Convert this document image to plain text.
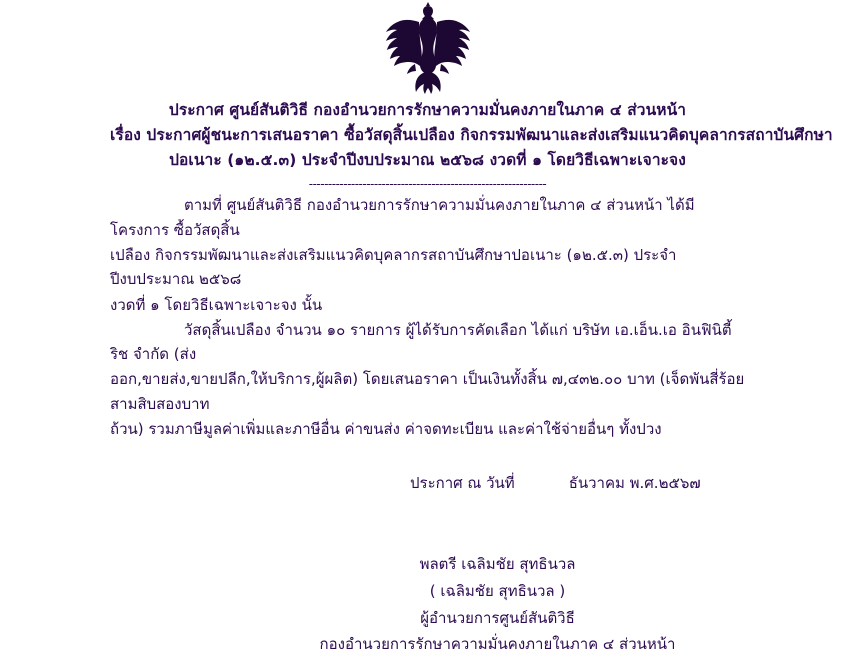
ประกาศ ศูนย์สันติวิธี กองอำนวยการรักษาความมั่นคงภายในภาค ๔ ส่วนหน้า
เรื่อง ประกาศผู้ชนะการเสนอราคา ซื้อวัสดุสิ้นเปลือง กิจกรรมพัฒนาและส่งเสริมแนวคิดบุคลากรสถาบันศึกษา
ปอเนาะ (๑๒.๕.๓) ประจำปีงบประมาณ ๒๕๖๘ งวดที่ ๑ โดยวิธีเฉพาะเจาะจง
--------------------------------------------------------------

ตามที่ ศูนย์สันติวิธี กองอำนวยการรักษาความมั่นคงภายในภาค ๔ ส่วนหน้า ได้มีโครงการ ซื้อวัสดุสิ้น

เปลือง กิจกรรมพัฒนาและส่งเสริมแนวคิดบุคลากรสถาบันศึกษาปอเนาะ (๑๒.๕.๓) ประจำปีงบประมาณ ๒๕๖๘

งวดที่ ๑ โดยวิธีเฉพาะเจาะจง นั้น

วัสดุสิ้นเปลือง จำนวน ๑๐ รายการ ผู้ได้รับการคัดเลือก ได้แก่ บริษัท เอ.เอ็น.เอ อินฟินิตี้ ริช จำกัด (ส่ง

ออก,ขายส่ง,ขายปลีก,ให้บริการ,ผู้ผลิต) โดยเสนอราคา เป็นเงินทั้งสิ้น ๗,๔๓๒.๐๐ บาท (เจ็ดพันสี่ร้อยสามสิบสองบาท

ถ้วน) รวมภาษีมูลค่าเพิ่มและภาษีอื่น ค่าขนส่ง ค่าจดทะเบียน และค่าใช้จ่ายอื่นๆ ทั้งปวง

ประกาศ ณ วันที่	ธันวาคม พ.ศ.๒๕๖๗
พลตรี เฉลิมชัย สุทธินวล
( เฉลิมชัย สุทธินวล )
ผู้อำนวยการศูนย์สันติวิธี
กองอำนวยการรักษาความมั่นคงภายในภาค ๔ ส่วนหน้า
